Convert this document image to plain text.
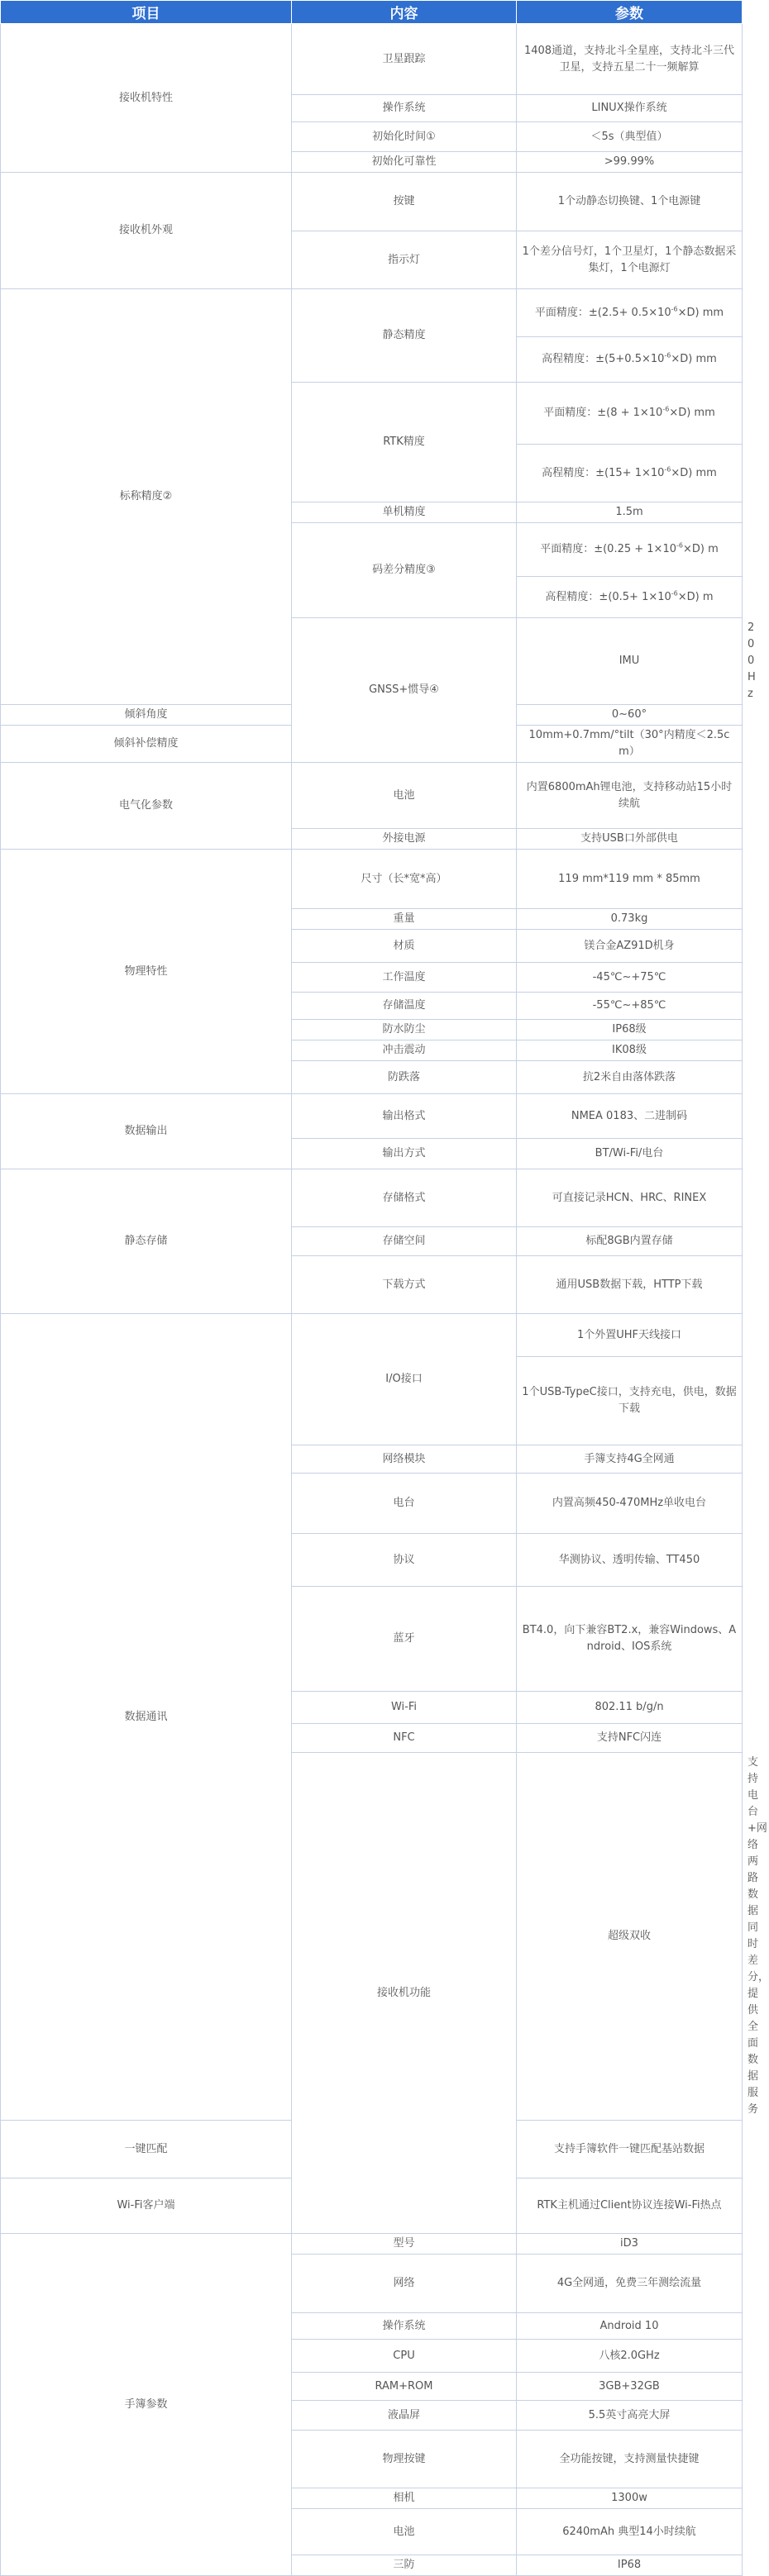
项目	内容	参数	
接收机特性	卫星跟踪	1408通道，支持北斗全星座，支持北斗三代卫星，支持五星二十一频解算	
	操作系统	LINUX操作系统	
	初始化时间①	＜5s（典型值）	
	初始化可靠性	>99.99%	
接收机外观	按键	1个动静态切换键、1个电源键	
	指示灯	1个差分信号灯，1个卫星灯，1个静态数据采集灯，1个电源灯	
标称精度②	静态精度	平面精度：$\pm(2.5+ 0.5\times 10^{-6}\times D)$ mm	
		高程精度：$\pm(5+0.5\times 10^{-6}\times D)$ mm	
	RTK精度	平面精度：$\pm(8 + 1\times 10^{-6}\times D)$ mm	
		高程精度：$\pm(15+ 1\times 10^{-6}\times D)$ mm	
	单机精度	1.5m	
	码差分精度③	平面精度：$\pm(0.25 + 1\times 10^{-6}\times D)$ m	
		高程精度：$\pm(0.5+ 1\times 10^{-6}\times D)$ m	
	GNSS+惯导④	IMU	200Hz
倾斜角度		0~60°	
倾斜补偿精度		10mm+0.7mm/°tilt（30°内精度＜2.5cm）	
电气化参数	电池	内置6800mAh锂电池，支持移动站15小时续航	
	外接电源	支持USB口外部供电	
物理特性	尺寸（长*宽*高）	119 mm*119 mm * 85mm	
	重量	0.73kg	
	材质	镁合金AZ91D机身	
	工作温度	-45℃~+75℃	
	存储温度	-55℃~+85℃	
	防水防尘	IP68级	
	冲击震动	IK08级	
	防跌落	抗2米自由落体跌落	
数据输出	输出格式	NMEA 0183、二进制码	
	输出方式	BT/Wi-Fi/电台	
静态存储	存储格式	可直接记录HCN、HRC、RINEX	
	存储空间	标配8GB内置存储	
	下载方式	通用USB数据下载，HTTP下载	
数据通讯	I/O接口	1个外置UHF天线接口	
		1个USB-TypeC接口，支持充电，供电，数据下载	
	网络模块	手簿支持4G全网通	
	电台	内置高频450-470MHz单收电台	
	协议	华测协议、透明传输、TT450	
	蓝牙	BT4.0，向下兼容BT2.x，兼容Windows、Android、IOS系统	
	Wi-Fi	802.11 b/g/n	
	NFC	支持NFC闪连	
	接收机功能	超级双收	支持电台+网络两路数据同时差分，提供全面数据服务
一键匹配		支持手簿软件一键匹配基站数据	
Wi-Fi客户端		RTK主机通过Client协议连接Wi-Fi热点	
手簿参数	型号	iD3	
	网络	4G全网通，免费三年测绘流量	
	操作系统	Android 10	
	CPU	八核2.0GHz	
	RAM+ROM	3GB+32GB	
	液晶屏	5.5英寸高亮大屏	
	物理按键	全功能按键，支持测量快捷键	
	相机	1300w	
	电池	6240mAh 典型14小时续航	
	三防	IP68	
